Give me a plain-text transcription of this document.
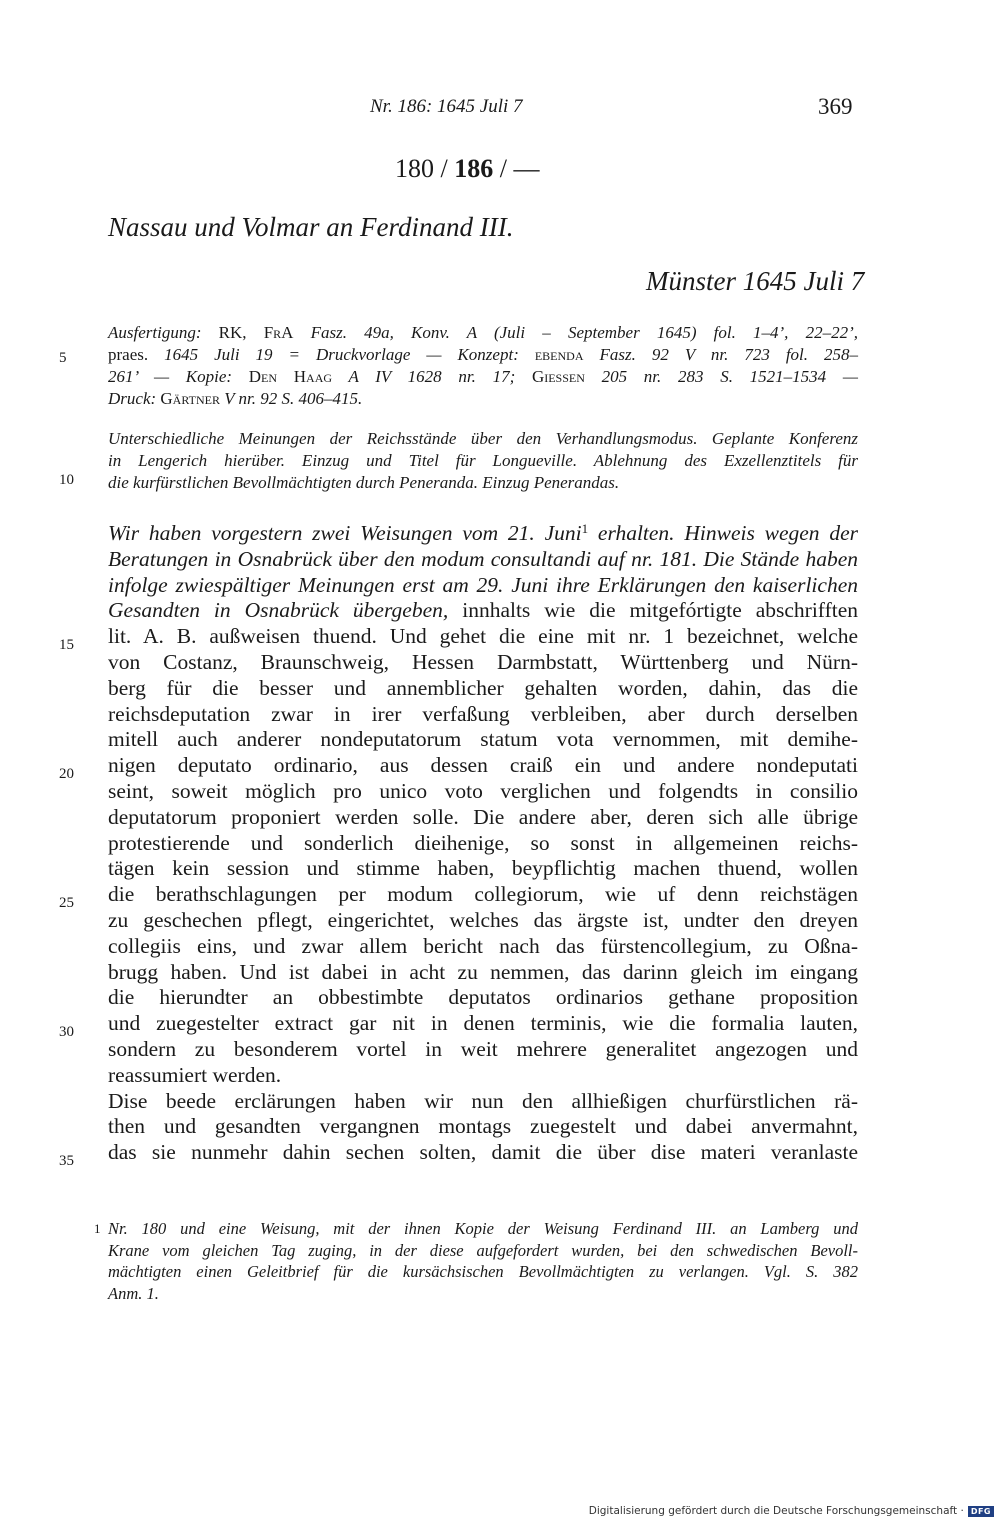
Nr. 186: 1645 Juli 7	369
180 / 186 / —
Nassau und Volmar an Ferdinand III.
Münster 1645 Juli 7
Ausfertigung: RK, FrA Fasz. 49a, Konv. A (Juli – September 1645) fol. 1–4’, 22–22’,
praes. 1645 Juli 19 = Druckvorlage — Konzept: ebenda Fasz. 92 V nr. 723 fol. 258–
261’ — Kopie: Den Haag A IV 1628 nr. 17; Giessen 205 nr. 283 S. 1521–1534 —
Druck: Gärtner V nr. 92 S. 406–415.
Unterschiedliche Meinungen der Reichsstände über den Verhandlungsmodus. Geplante Konferenz
in Lengerich hierüber. Einzug und Titel für Longueville. Ablehnung des Exzellenztitels für
die kurfürstlichen Bevollmächtigten durch Peneranda. Einzug Penerandas.
Wir haben vorgestern zwei Weisungen vom 21. Juni$^1$ erhalten. Hinweis wegen der
Beratungen in Osnabrück über den modum consultandi auf nr. 181. Die Stände haben
infolge zwiespältiger Meinungen erst am 29. Juni ihre Erklärungen den kaiserlichen
Gesandten in Osnabrück übergeben, innhalts wie die mitgefórtigte abschrifften
lit. A. B. außweisen thuend. Und gehet die eine mit nr. 1 bezeichnet, welche
von Costanz, Braunschweig, Hessen Darmbstatt, Württenberg und Nürn-
berg für die besser und annemblicher gehalten worden, dahin, das die
reichsdeputation zwar in irer verfaßung verbleiben, aber durch derselben
mitell auch anderer nondeputatorum statum vota vernommen, mit demihe-
nigen deputato ordinario, aus dessen craiß ein und andere nondeputati
seint, soweit möglich pro unico voto verglichen und folgendts in consilio
deputatorum proponiert werden solle. Die andere aber, deren sich alle übrige
protestierende und sonderlich dieihenige, so sonst in allgemeinen reichs-
tägen kein session und stimme haben, beypflichtig machen thuend, wollen
die berathschlagungen per modum collegiorum, wie uf denn reichstägen
zu geschechen pflegt, eingerichtet, welches das ärgste ist, undter den dreyen
collegiis eins, und zwar allem bericht nach das fürstencollegium, zu Oßna-
brugg haben. Und ist dabei in acht zu nemmen, das darinn gleich im eingang
die hierundter an obbestimbte deputatos ordinarios gethane proposition
und zuegestelter extract gar nit in denen terminis, wie die formalia lauten,
sondern zu besonderem vortel in weit mehrere generalitet angezogen und
reassumiert werden.
Dise beede erclärungen haben wir nun den allhießigen churfürstlichen rä-
then und gesandten vergangnen montags zuegestelt und dabei anvermahnt,
das sie nunmehr dahin sechen solten, damit die über dise materi veranlaste
5
10
15
20
25
30
35
1 Nr. 180 und eine Weisung, mit der ihnen Kopie der Weisung Ferdinand III. an Lamberg und
Krane vom gleichen Tag zuging, in der diese aufgefordert wurden, bei den schwedischen Bevoll-
mächtigten einen Geleitbrief für die kursächsischen Bevollmächtigten zu verlangen. Vgl. S. 382
Anm. 1.
Digitalisierung gefördert durch die Deutsche Forschungsgemeinschaft · DFG
